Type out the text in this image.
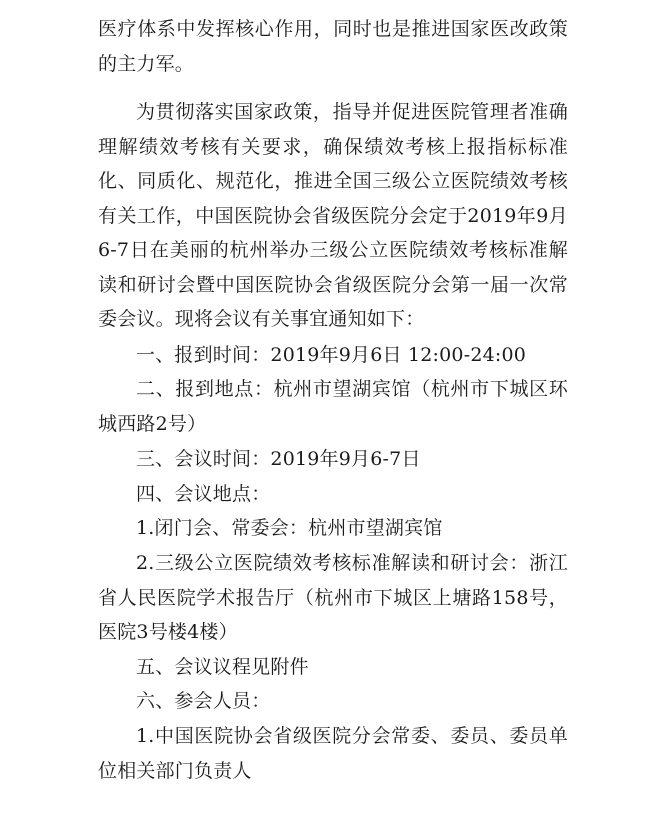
医疗体系中发挥核心作用，同时也是推进国家医改政策的主力军。

为贯彻落实国家政策，指导并促进医院管理者准确理解绩效考核有关要求，确保绩效考核上报指标标准化、同质化、规范化，推进全国三级公立医院绩效考核有关工作，中国医院协会省级医院分会定于2019年9月6-7日在美丽的杭州举办三级公立医院绩效考核标准解读和研讨会暨中国医院协会省级医院分会第一届一次常委会议。现将会议有关事宜通知如下：

一、报到时间：2019年9月6日 12:00-24:00

二、报到地点：杭州市望湖宾馆（杭州市下城区环城西路2号）

三、会议时间：2019年9月6-7日

四、会议地点：

1.闭门会、常委会：杭州市望湖宾馆

2.三级公立医院绩效考核标准解读和研讨会：浙江省人民医院学术报告厅（杭州市下城区上塘路158号，医院3号楼4楼）

五、会议议程见附件

六、参会人员：

1.中国医院协会省级医院分会常委、委员、委员单位相关部门负责人
